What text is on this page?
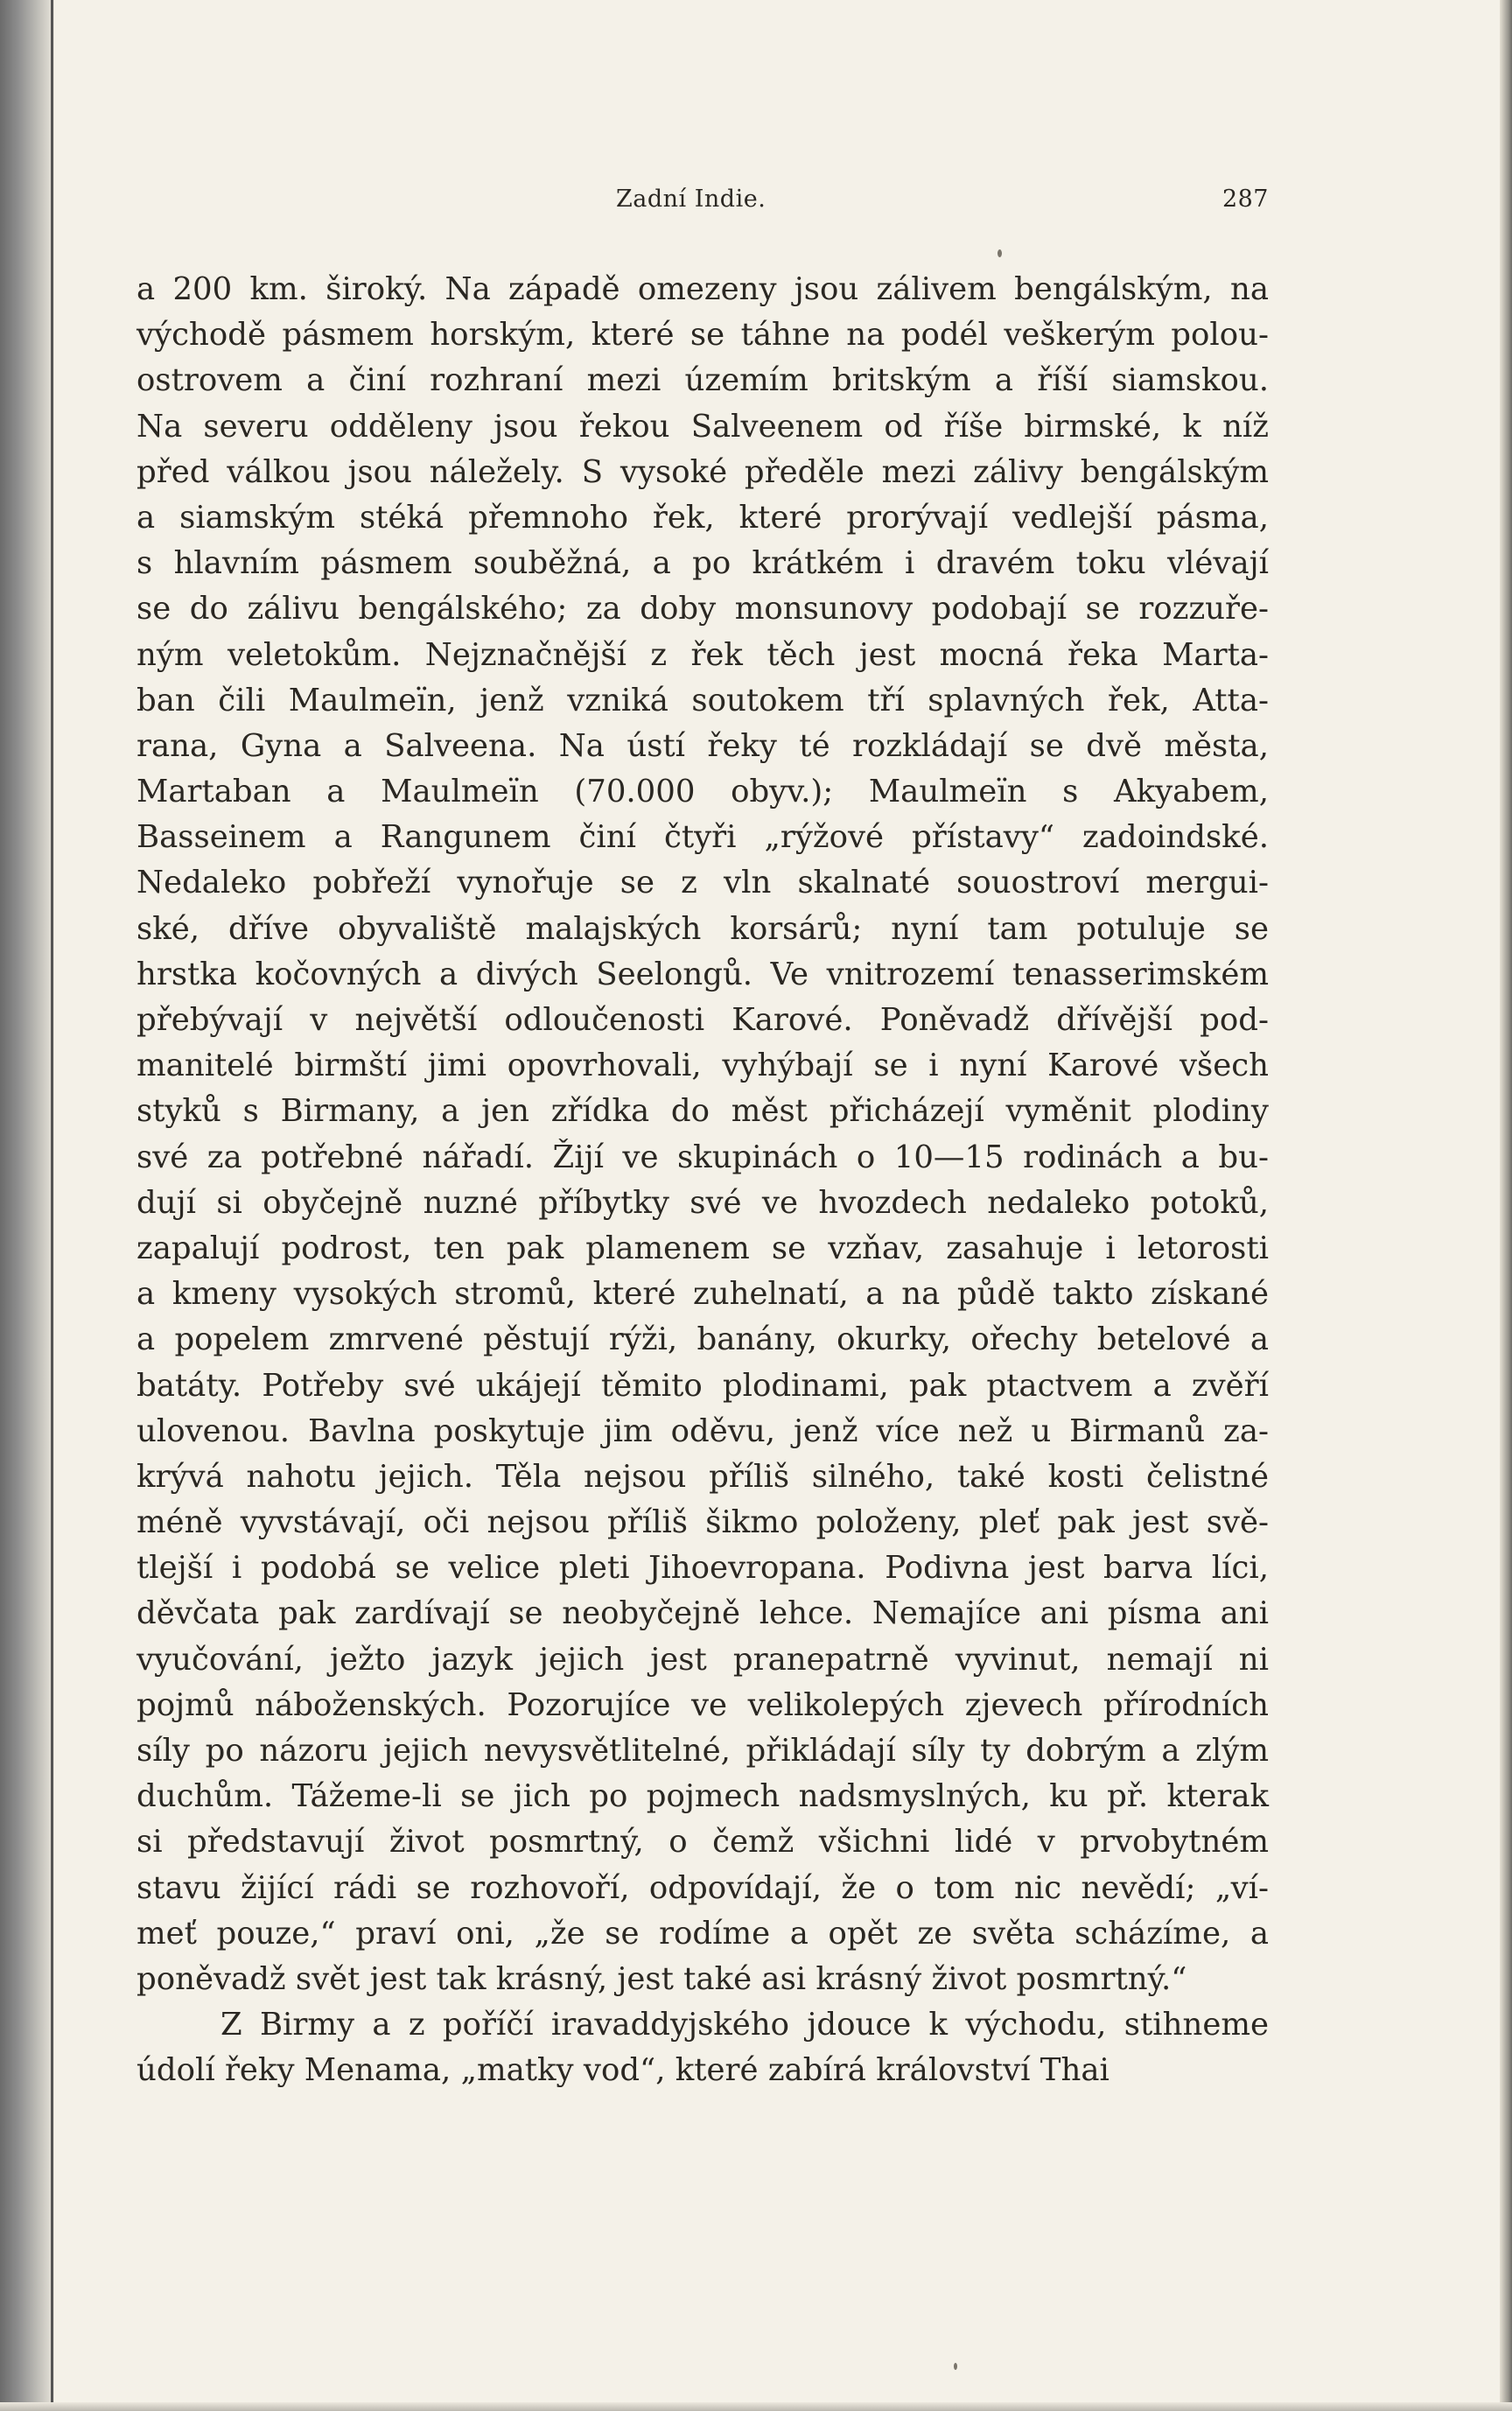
Zadní Indie.	287
a 200 km. široký. Na západě omezeny jsou zálivem bengálským, na
východě pásmem horským, které se táhne na podél veškerým polou-
ostrovem a činí rozhraní mezi územím britským a říší siamskou.
Na severu odděleny jsou řekou Salveenem od říše birmské, k níž
před válkou jsou náležely. S vysoké předěle mezi zálivy bengálským
a siamským stéká přemnoho řek, které prorývají vedlejší pásma,
s hlavním pásmem souběžná, a po krátkém i dravém toku vlévají
se do zálivu bengálského; za doby monsunovy podobají se rozzuře-
ným veletokům. Nejznačnější z řek těch jest mocná řeka Marta-
ban čili Maulmeïn, jenž vzniká soutokem tří splavných řek, Atta-
rana, Gyna a Salveena. Na ústí řeky té rozkládají se dvě města,
Martaban a Maulmeïn (70.000 obyv.); Maulmeïn s Akyabem,
Basseinem a Rangunem činí čtyři „rýžové přístavy“ zadoindské.
Nedaleko pobřeží vynořuje se z vln skalnaté souostroví mergui-
ské, dříve obyvaliště malajských korsárů; nyní tam potuluje se
hrstka kočovných a divých Seelongů. Ve vnitrozemí tenasserimském
přebývají v největší odloučenosti Karové. Poněvadž dřívější pod-
manitelé birmští jimi opovrhovali, vyhýbají se i nyní Karové všech
styků s Birmany, a jen zřídka do měst přicházejí vyměnit plodiny
své za potřebné nářadí. Žijí ve skupinách o 10—15 rodinách a bu-
dují si obyčejně nuzné příbytky své ve hvozdech nedaleko potoků,
zapalují podrost, ten pak plamenem se vzňav, zasahuje i letorosti
a kmeny vysokých stromů, které zuhelnatí, a na půdě takto získané
a popelem zmrvené pěstují rýži, banány, okurky, ořechy betelové a
batáty. Potřeby své ukájejí těmito plodinami, pak ptactvem a zvěří
ulovenou. Bavlna poskytuje jim oděvu, jenž více než u Birmanů za-
krývá nahotu jejich. Těla nejsou příliš silného, také kosti čelistné
méně vyvstávají, oči nejsou příliš šikmo položeny, pleť pak jest svě-
tlejší i podobá se velice pleti Jihoevropana. Podivna jest barva líci,
děvčata pak zardívají se neobyčejně lehce. Nemajíce ani písma ani
vyučování, ježto jazyk jejich jest pranepatrně vyvinut, nemají ni
pojmů náboženských. Pozorujíce ve velikolepých zjevech přírodních
síly po názoru jejich nevysvětlitelné, přikládají síly ty dobrým a zlým
duchům. Tážeme-li se jich po pojmech nadsmyslných, ku př. kterak
si představují život posmrtný, o čemž všichni lidé v prvobytném
stavu žijící rádi se rozhovoří, odpovídají, že o tom nic nevědí; „ví-
meť pouze,“ praví oni, „že se rodíme a opět ze světa scházíme, a
poněvadž svět jest tak krásný, jest také asi krásný život posmrtný.“
Z Birmy a z poříčí iravaddyjského jdouce k východu, stihneme
údolí řeky Menama, „matky vod“, které zabírá království Thai
